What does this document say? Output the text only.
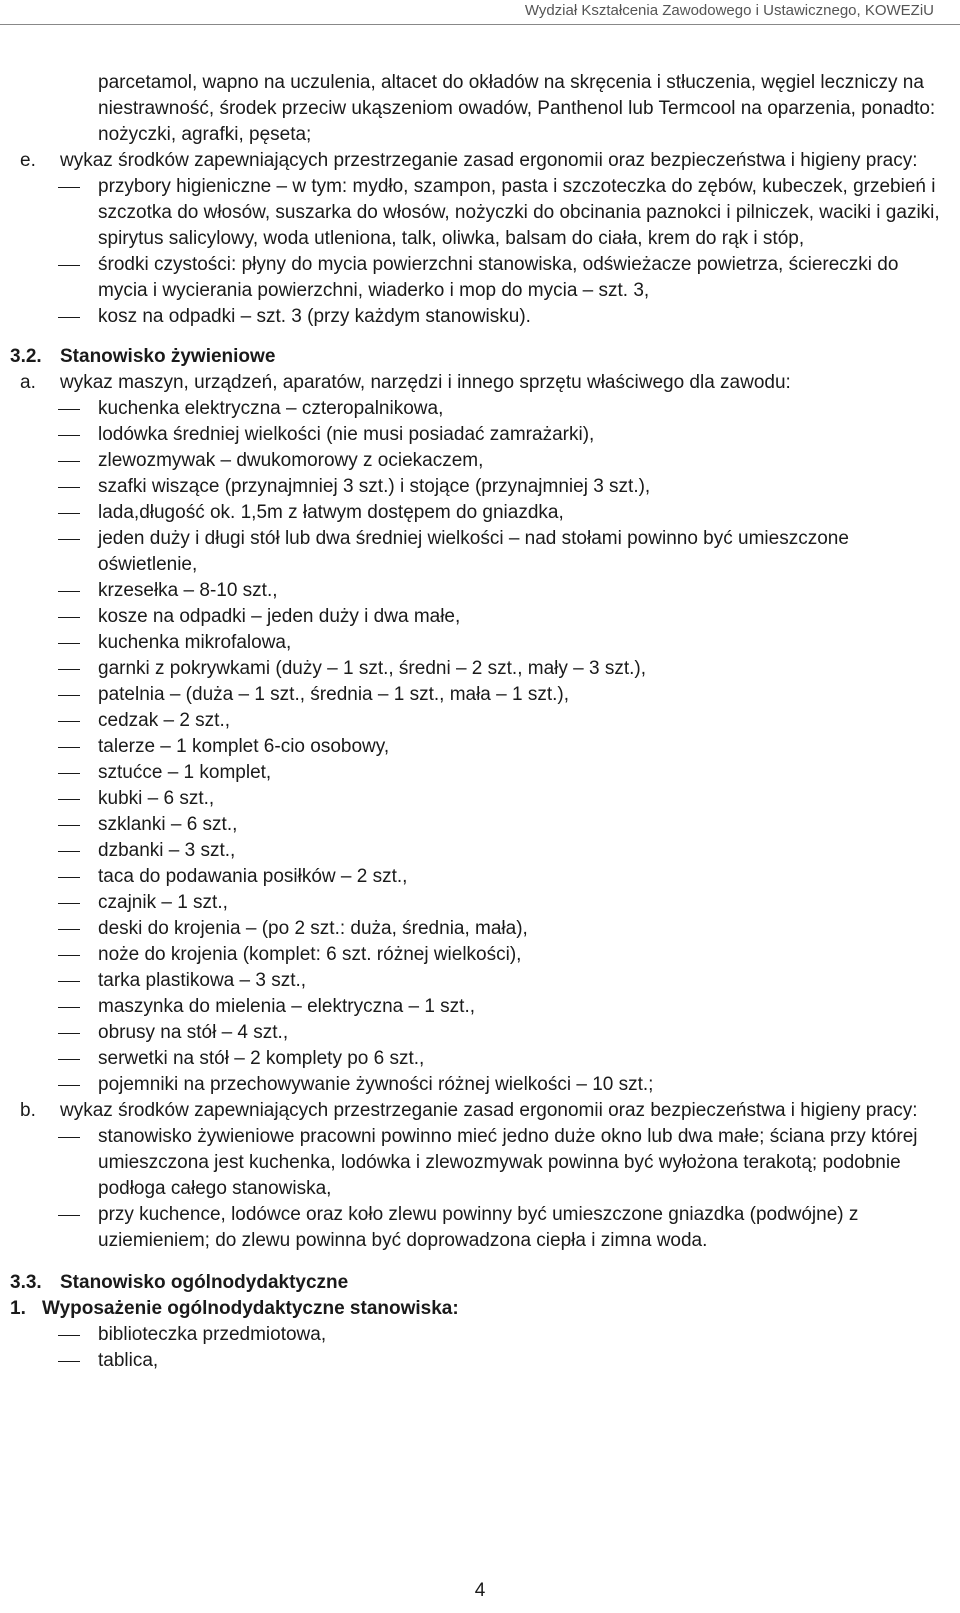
Wydział Kształcenia Zawodowego i Ustawicznego, KOWEZiU
parcetamol, wapno na uczulenia, altacet do okładów na skręcenia i stłuczenia, węgiel leczniczy na niestrawność, środek przeciw ukąszeniom owadów, Panthenol lub Termcool na oparzenia, ponadto: nożyczki, agrafki, pęseta;
e. wykaz środków zapewniających przestrzeganie zasad ergonomii oraz bezpieczeństwa i higieny pracy:
przybory higieniczne – w tym: mydło, szampon, pasta i szczoteczka do zębów, kubeczek, grzebień i szczotka do włosów, suszarka do włosów, nożyczki do obcinania paznokci i pilniczek, waciki i gaziki, spirytus salicylowy, woda utleniona, talk, oliwka, balsam do ciała, krem do rąk i stóp,
środki czystości: płyny do mycia powierzchni stanowiska, odświeżacze powietrza, ściereczki do mycia i wycierania powierzchni, wiaderko i mop do mycia – szt. 3,
kosz na odpadki – szt. 3 (przy każdym stanowisku).
3.2. Stanowisko żywieniowe
a. wykaz maszyn, urządzeń, aparatów, narzędzi i innego sprzętu właściwego dla zawodu:
kuchenka elektryczna – czteropalnikowa,
lodówka średniej wielkości (nie musi posiadać zamrażarki),
zlewozmywak – dwukomorowy z ociekaczem,
szafki wiszące (przynajmniej 3 szt.) i stojące (przynajmniej 3 szt.),
lada,długość ok. 1,5m z łatwym dostępem do gniazdka,
jeden duży i długi stół lub dwa średniej wielkości – nad stołami powinno być umieszczone oświetlenie,
krzesełka – 8-10 szt.,
kosze na odpadki – jeden duży i dwa małe,
kuchenka mikrofalowa,
garnki z pokrywkami (duży – 1 szt., średni – 2 szt., mały – 3 szt.),
patelnia – (duża – 1 szt., średnia – 1 szt., mała – 1 szt.),
cedzak – 2 szt.,
talerze – 1 komplet 6-cio osobowy,
sztućce – 1 komplet,
kubki – 6 szt.,
szklanki – 6 szt.,
dzbanki – 3 szt.,
taca do podawania posiłków – 2 szt.,
czajnik – 1 szt.,
deski do krojenia – (po 2 szt.: duża, średnia, mała),
noże do krojenia (komplet: 6 szt. różnej wielkości),
tarka plastikowa – 3 szt.,
maszynka do mielenia – elektryczna – 1 szt.,
obrusy na stół – 4 szt.,
serwetki na stół – 2 komplety po 6 szt.,
pojemniki na przechowywanie żywności różnej wielkości – 10 szt.;
b. wykaz środków zapewniających przestrzeganie zasad ergonomii oraz bezpieczeństwa i higieny pracy:
stanowisko żywieniowe pracowni powinno mieć jedno duże okno lub dwa małe; ściana przy której umieszczona jest kuchenka, lodówka i zlewozmywak powinna być wyłożona terakotą; podobnie podłoga całego stanowiska,
przy kuchence, lodówce oraz koło zlewu powinny być umieszczone gniazdka (podwójne) z uziemieniem; do zlewu powinna być doprowadzona ciepła i zimna woda.
3.3. Stanowisko ogólnodydaktyczne
1. Wyposażenie ogólnodydaktyczne stanowiska:
biblioteczka przedmiotowa,
tablica,
4
